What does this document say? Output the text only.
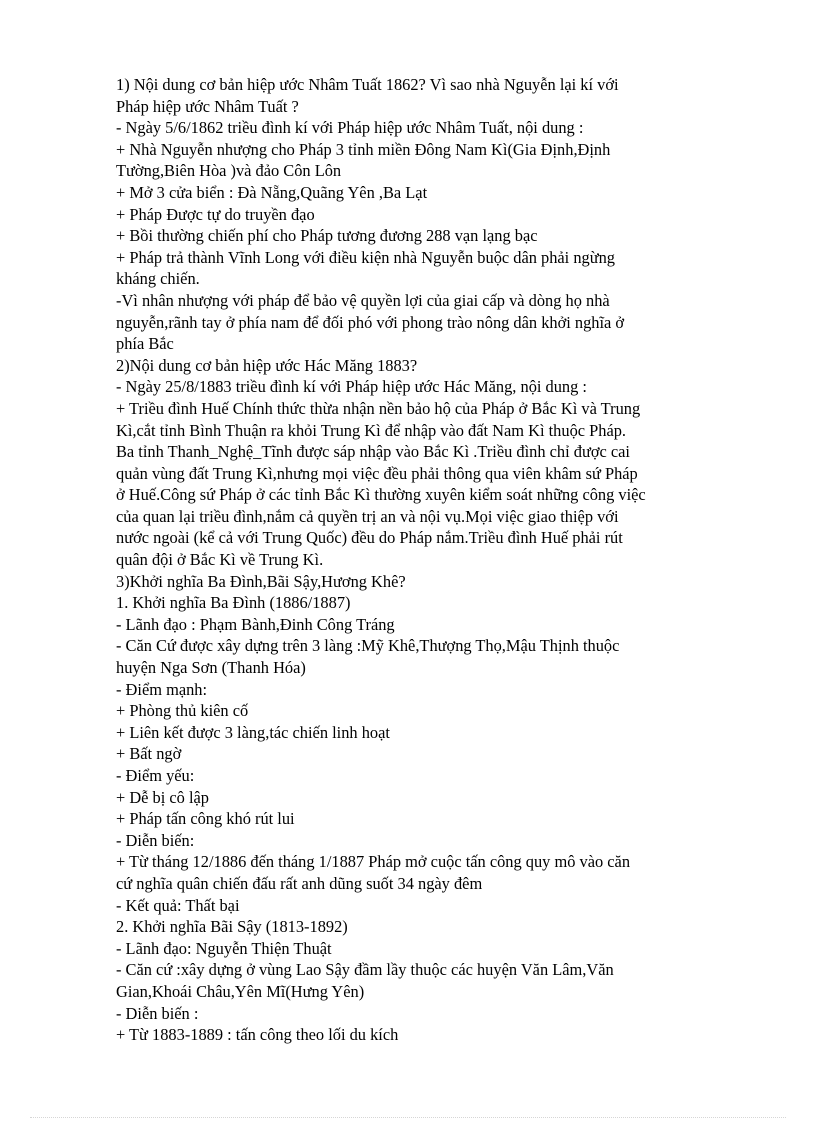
1) Nội dung cơ bản hiệp ước Nhâm Tuất 1862? Vì sao nhà Nguyễn lại kí với

Pháp hiệp ước Nhâm Tuất ?

- Ngày 5/6/1862 triều đình kí với Pháp hiệp ước Nhâm Tuất, nội dung :

+ Nhà Nguyễn nhượng cho Pháp 3 tỉnh miền Đông Nam Kì(Gia Định,Định

Tường,Biên Hòa )và đảo Côn Lôn

+ Mở 3 cửa biển : Đà Nẵng,Quãng Yên ,Ba Lạt

+ Pháp Được tự do truyền đạo

+ Bồi thường chiến phí cho Pháp tương đương 288 vạn lạng bạc

+ Pháp trả thành Vĩnh Long với điều kiện nhà Nguyễn buộc dân phải ngừng

kháng chiến.

-Vì nhân nhượng với pháp để bảo vệ quyền lợi của giai cấp và dòng họ nhà

nguyễn,rãnh tay ở phía nam để đối phó với phong trào nông dân khởi nghĩa ở

phía Bắc

2)Nội dung cơ bản hiệp ước Hác Măng 1883?

- Ngày 25/8/1883 triều đình kí với Pháp hiệp ước Hác Măng, nội dung :

+ Triều đình Huế Chính thức thừa nhận nền bảo hộ của Pháp ở Bắc Kì và Trung

Kì,cắt tỉnh Bình Thuận ra khỏi Trung Kì để nhập vào đất Nam Kì thuộc Pháp.

Ba tỉnh Thanh_Nghệ_Tĩnh được sáp nhập vào Bắc Kì .Triều đình chỉ được cai

quản vùng đất Trung Kì,nhưng mọi việc đều phải thông qua viên khâm sứ Pháp

ở Huế.Công sứ Pháp ở các tỉnh Bắc Kì thường xuyên kiểm soát những công việc

của quan lại triều đình,nắm cả quyền trị an và nội vụ.Mọi việc giao thiệp với

nước ngoài (kể cả với Trung Quốc) đều do Pháp nắm.Triều đình Huế phải rút

quân đội ở Bắc Kì về Trung Kì.

3)Khởi nghĩa Ba Đình,Bãi Sậy,Hương Khê?

1. Khởi nghĩa Ba Đình (1886/1887)

- Lãnh đạo : Phạm Bành,Đinh Công Tráng

- Căn Cứ được xây dựng trên 3 làng :Mỹ Khê,Thượng Thọ,Mậu Thịnh thuộc

huyện Nga Sơn (Thanh Hóa)

- Điểm mạnh:

+ Phòng thủ kiên cố

+ Liên kết được 3 làng,tác chiến linh hoạt

+ Bất ngờ

- Điểm yếu:

+ Dễ bị cô lập

+ Pháp tấn công khó rút lui

- Diễn biến:

+ Từ tháng 12/1886 đến tháng 1/1887 Pháp mở cuộc tấn công quy mô vào căn

cứ nghĩa quân chiến đấu rất anh dũng suốt 34 ngày đêm

- Kết quả: Thất bại

2. Khởi nghĩa Bãi Sậy (1813-1892)

- Lãnh đạo: Nguyễn Thiện Thuật

- Căn cứ :xây dựng ở vùng Lao Sậy đầm lầy thuộc các huyện Văn Lâm,Văn

Gian,Khoái Châu,Yên Mĩ(Hưng Yên)

- Diễn biến :

+ Từ 1883-1889 : tấn công theo lối du kích
